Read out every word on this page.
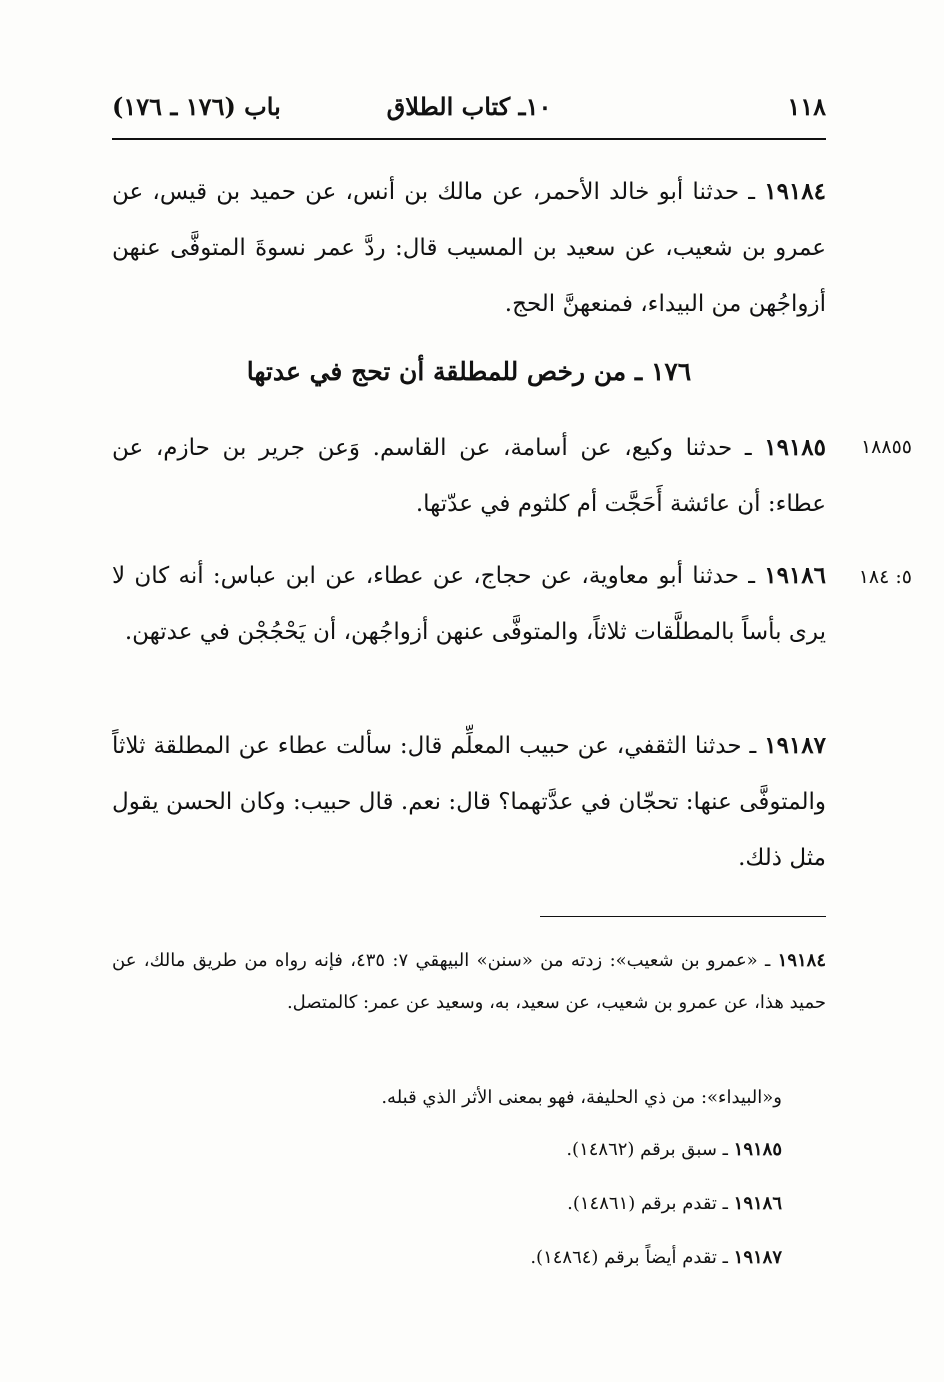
١١٨
١٠ـ كتاب الطلاق
باب (١٧٦ ـ ١٧٦)
١٩١٨٤ ـ حدثنا أبو خالد الأحمر، عن مالك بن أنس، عن حميد بن قيس، عن عمرو بن شعيب، عن سعيد بن المسيب قال: ردَّ عمر نسوةَ المتوفَّى عنهن أزواجُهن من البيداء، فمنعهنَّ الحج.
١٧٦ ـ من رخص للمطلقة أن تحج في عدتها
١٨٨٥٥
١٩١٨٥ ـ حدثنا وكيع، عن أسامة، عن القاسم. وَعن جرير بن حازم، عن عطاء: أن عائشة أَحَجَّت أم كلثوم في عدّتها.
٥: ١٨٤
١٩١٨٦ ـ حدثنا أبو معاوية، عن حجاج، عن عطاء، عن ابن عباس: أنه كان لا يرى بأساً بالمطلَّقات ثلاثاً، والمتوفَّى عنهن أزواجُهن، أن يَحْجُجْن في عدتهن.
١٩١٨٧ ـ حدثنا الثقفي، عن حبيب المعلِّم قال: سألت عطاء عن المطلقة ثلاثاً والمتوفَّى عنها: تحجّان في عدَّتهما؟ قال: نعم. قال حبيب: وكان الحسن يقول مثل ذلك.
١٩١٨٤ ـ «عمرو بن شعيب»: زدته من «سنن» البيهقي ٧: ٤٣٥، فإنه رواه من طريق مالك، عن حميد هذا، عن عمرو بن شعيب، عن سعيد، به، وسعيد عن عمر: كالمتصل.
و«البيداء»: من ذي الحليفة، فهو بمعنى الأثر الذي قبله.
١٩١٨٥ ـ سبق برقم (١٤٨٦٢).
١٩١٨٦ ـ تقدم برقم (١٤٨٦١).
١٩١٨٧ ـ تقدم أيضاً برقم (١٤٨٦٤).
